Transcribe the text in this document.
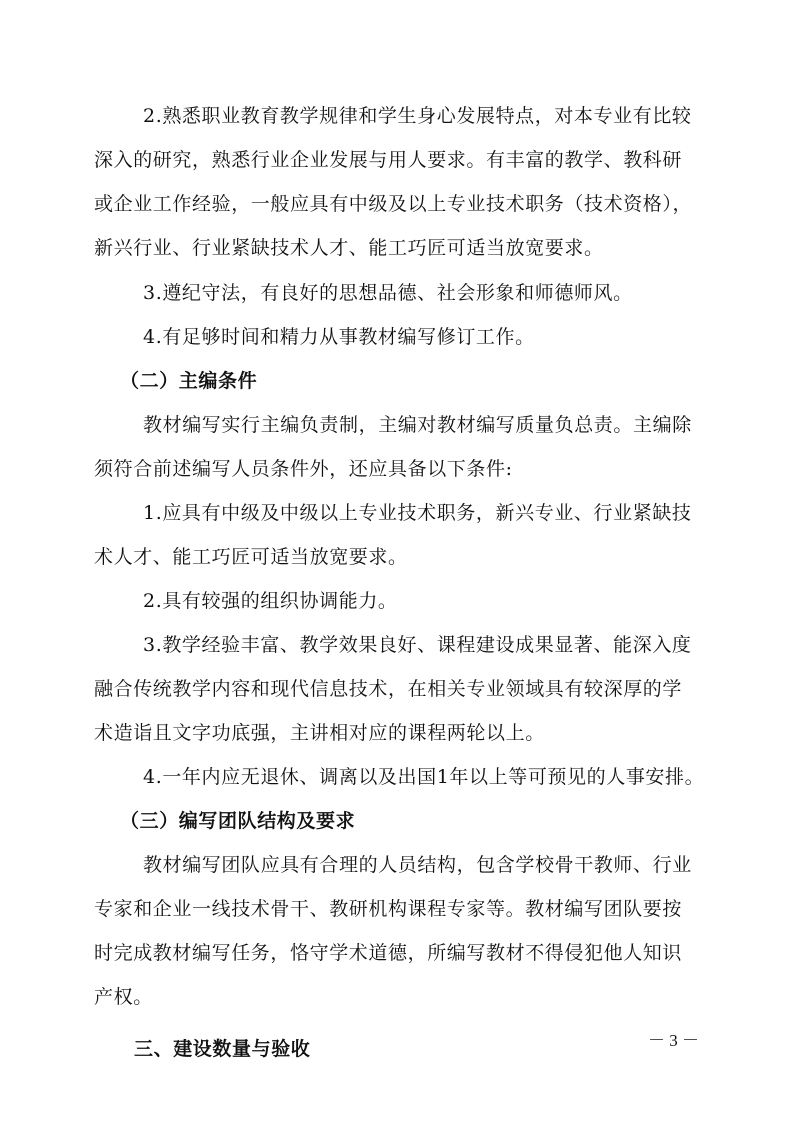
2.熟悉职业教育教学规律和学生身心发展特点，对本专业有比较
深入的研究，熟悉行业企业发展与用人要求。有丰富的教学、教科研
或企业工作经验，一般应具有中级及以上专业技术职务（技术资格），
新兴行业、行业紧缺技术人才、能工巧匠可适当放宽要求。
3.遵纪守法，有良好的思想品德、社会形象和师德师风。
4.有足够时间和精力从事教材编写修订工作。
（二）主编条件
教材编写实行主编负责制，主编对教材编写质量负总责。主编除
须符合前述编写人员条件外，还应具备以下条件:
1.应具有中级及中级以上专业技术职务，新兴专业、行业紧缺技
术人才、能工巧匠可适当放宽要求。
2.具有较强的组织协调能力。
3.教学经验丰富、教学效果良好、课程建设成果显著、能深入度
融合传统教学内容和现代信息技术，在相关专业领域具有较深厚的学
术造诣且文字功底强，主讲相对应的课程两轮以上。
4.一年内应无退休、调离以及出国1年以上等可预见的人事安排。
（三）编写团队结构及要求
教材编写团队应具有合理的人员结构，包含学校骨干教师、行业
专家和企业一线技术骨干、教研机构课程专家等。教材编写团队要按
时完成教材编写任务，恪守学术道德，所编写教材不得侵犯他人知识
产权。
三、建设数量与验收	－ 3 －
